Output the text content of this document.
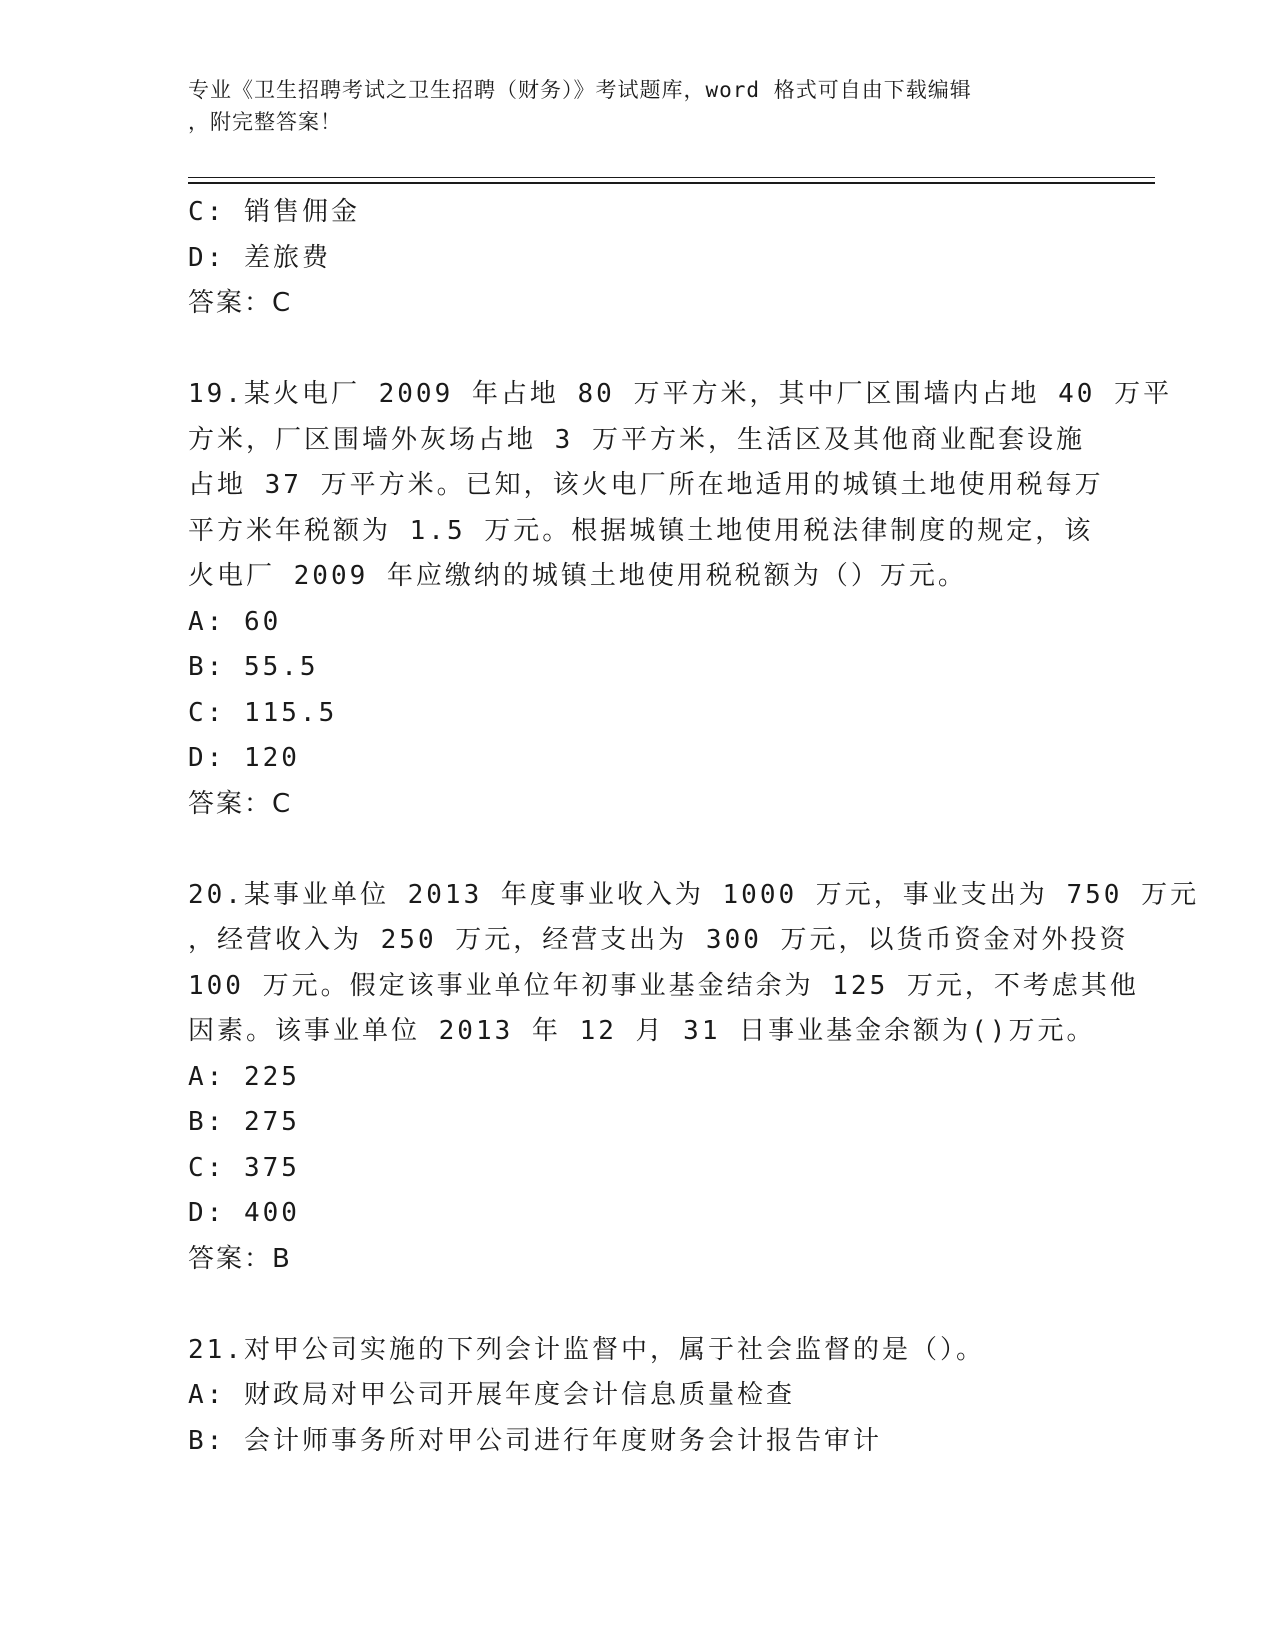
专业《卫生招聘考试之卫生招聘（财务）》考试题库，word 格式可自由下载编辑
，附完整答案！
C: 销售佣金
D: 差旅费
答案：C
19.某火电厂 2009 年占地 80 万平方米，其中厂区围墙内占地 40 万平
方米，厂区围墙外灰场占地 3 万平方米，生活区及其他商业配套设施
占地 37 万平方米。已知，该火电厂所在地适用的城镇土地使用税每万
平方米年税额为 1.5 万元。根据城镇土地使用税法律制度的规定，该
火电厂 2009 年应缴纳的城镇土地使用税税额为（）万元。
A: 60
B: 55.5
C: 115.5
D: 120
答案：C
20.某事业单位 2013 年度事业收入为 1000 万元，事业支出为 750 万元
，经营收入为 250 万元，经营支出为 300 万元，以货币资金对外投资
100 万元。假定该事业单位年初事业基金结余为 125 万元，不考虑其他
因素。该事业单位 2013 年 12 月 31 日事业基金余额为()万元。
A: 225
B: 275
C: 375
D: 400
答案：B
21.对甲公司实施的下列会计监督中，属于社会监督的是（）。
A: 财政局对甲公司开展年度会计信息质量检查
B: 会计师事务所对甲公司进行年度财务会计报告审计
